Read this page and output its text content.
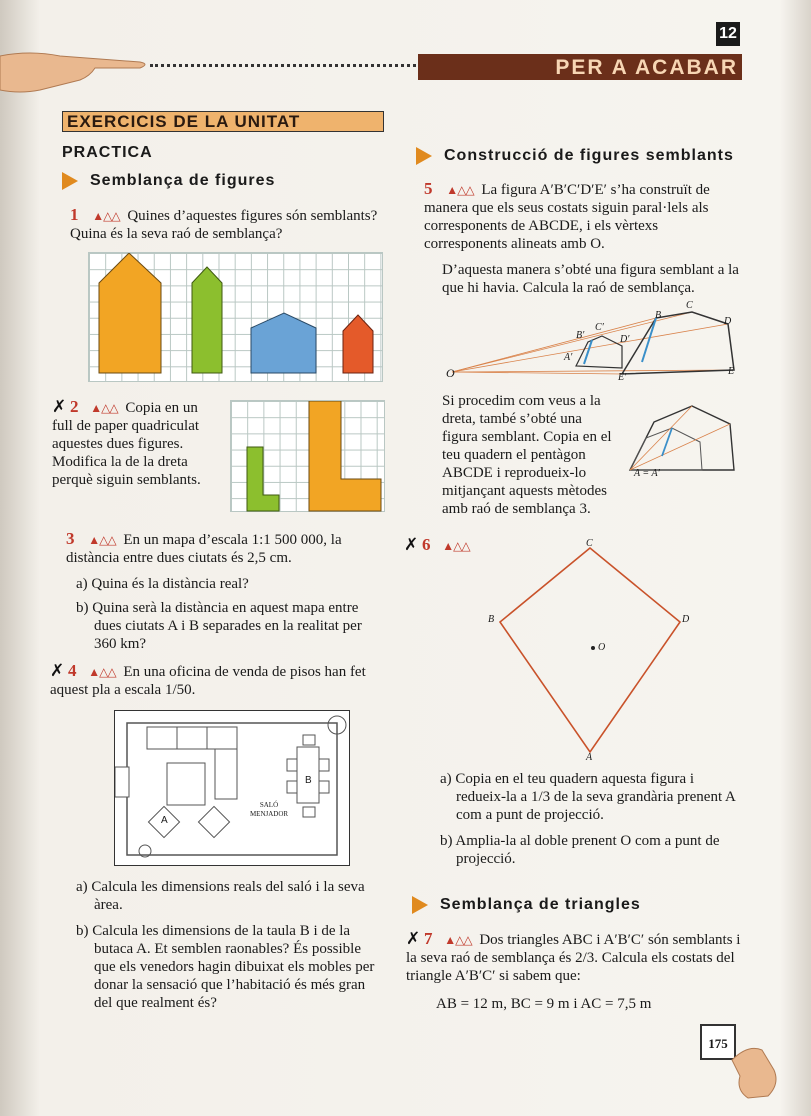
12
PER A ACABAR
EXERCICIS DE LA UNITAT
PRACTICA
Semblança de figures
1 ▲△△ Quines d’aquestes figures són semblants? Quina és la seva raó de semblança?
✗ 2 ▲△△ Copia en un full de paper quadriculat aquestes dues figures. Modifica la de la dreta perquè siguin semblants.
3 ▲△△ En un mapa d’escala 1:1 500 000, la distància entre dues ciutats és 2,5 cm.
a) Quina és la distància real?
b) Quina serà la distància en aquest mapa entre dues ciutats A i B separades en la realitat per 360 km?
✗ 4 ▲△△ En una oficina de venda de pisos han fet aquest pla a escala 1/50.
A
B
SALÓ
MENJADOR
a) Calcula les dimensions reals del saló i la seva àrea.
b) Calcula les dimensions de la taula B i de la butaca A. Et semblen raonables? És possible que els venedors hagin dibuixat els mobles per donar la sensació que l’habitació és més gran del que realment és?
Construcció de figures semblants
5 ▲△△ La figura A′B′C′D′E′ s’ha construït de manera que els seus costats siguin paral·lels als corresponents de ABCDE, i els vèrtexs corresponents alineats amb O.
D’aquesta manera s’obté una figura semblant a la que hi havia. Calcula la raó de semblança.
O
A′
B′
C′
D′
E′
B
C
D
E
Si procedim com veus a la dreta, també s’obté una figura semblant. Copia en el teu quadern el pentàgon ABCDE i reprodueix-lo mitjançant aquests mètodes amb raó de semblança 3.
A = A′
✗ 6 ▲△△	C
B	D
A
O
a) Copia en el teu quadern aquesta figura i redueix-la a 1/3 de la seva grandària prenent A com a punt de projecció.
b) Amplia-la al doble prenent O com a punt de projecció.
Semblança de triangles
✗ 7 ▲△△ Dos triangles ABC i A′B′C′ són semblants i la seva raó de semblança és 2/3. Calcula els costats del triangle A′B′C′ si sabem que:
AB = 12 m, BC = 9 m i AC = 7,5 m
175
